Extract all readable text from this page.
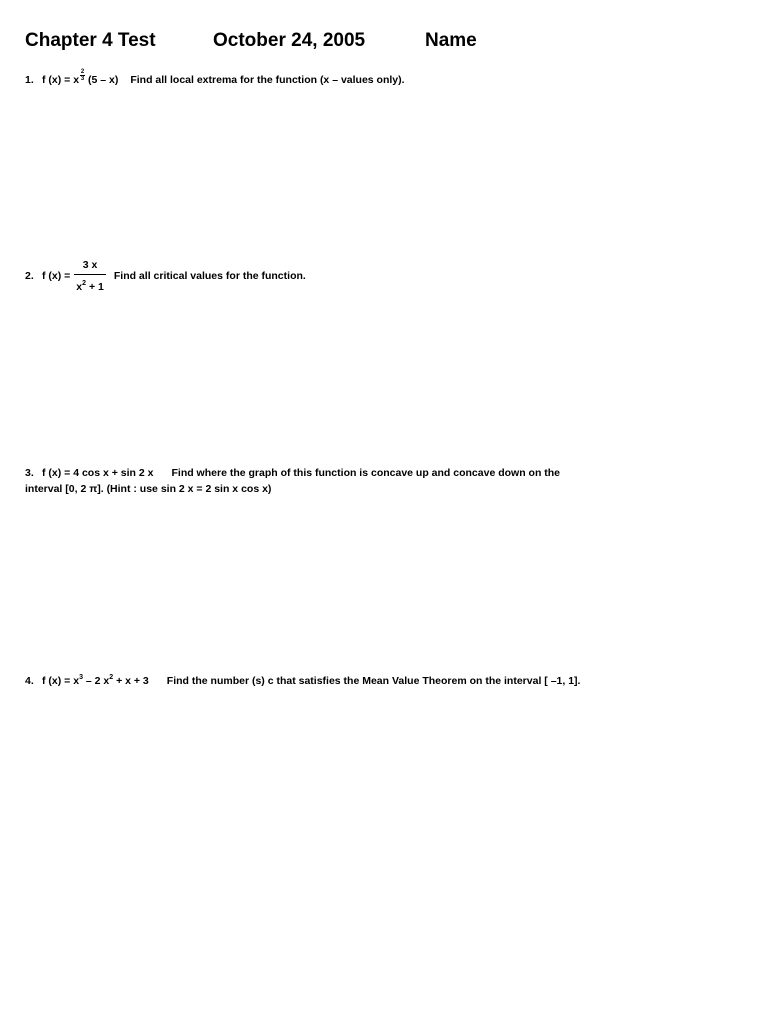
Chapter 4 Test	October 24, 2005	Name
1. f (x) = x $\frac{2}{3} (5 - x)$ Find all local extrema for the function (x – values only).
2. f $(x) = \frac{3 x}{x^2 + 1}$ Find all critical values for the function.
3. f (x) = 4 cos x + sin 2 x Find where the graph of this function is concave up and concave down on the
interval [0, 2 π]. (Hint : use sin 2 x = 2 sin x cos x)
4. f $(x) = x^3 - 2$ $x^2 + x + 3$ Find the number (s) c that satisfies the Mean Value Theorem on the interval [ –1, 1].
